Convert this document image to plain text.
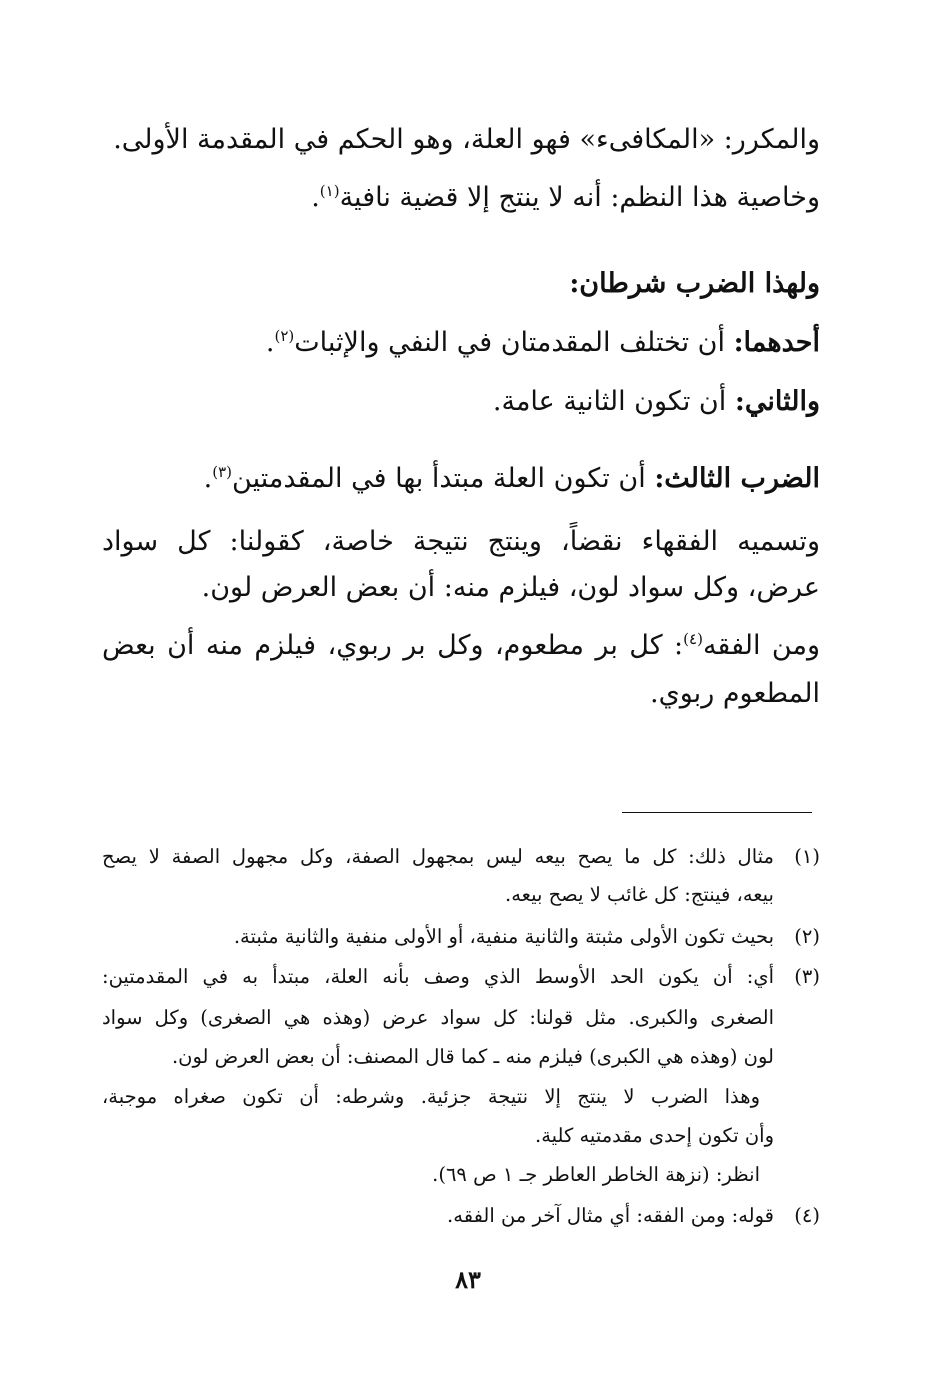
والمكرر: «المكافىء» فهو العلة، وهو الحكم في المقدمة الأولى.
وخاصية هذا النظم: أنه لا ينتج إلا قضية نافية$^{(١)}$.
ولهذا الضرب شرطان:
أحدهما: أن تختلف المقدمتان في النفي والإثبات$^{(٢)}$.
والثاني: أن تكون الثانية عامة.
الضرب الثالث: أن تكون العلة مبتدأ بها في المقدمتين$^{(٣)}$.
وتسميه الفقهاء نقضاً، وينتج نتيجة خاصة، كقولنا: كل سواد
عرض، وكل سواد لون، فيلزم منه: أن بعض العرض لون.
ومن الفقه$^{(٤)}$: كل بر مطعوم، وكل بر ربوي، فيلزم منه أن بعض
المطعوم ربوي.
(١)
مثال ذلك: كل ما يصح بيعه ليس بمجهول الصفة، وكل مجهول الصفة لا يصح
بيعه، فينتج: كل غائب لا يصح بيعه.
(٢)
بحيث تكون الأولى مثبتة والثانية منفية، أو الأولى منفية والثانية مثبتة.
(٣)
أي: أن يكون الحد الأوسط الذي وصف بأنه العلة، مبتدأ به في المقدمتين:
الصغرى والكبرى. مثل قولنا: كل سواد عرض (وهذه هي الصغرى) وكل سواد
لون (وهذه هي الكبرى) فيلزم منه ـ كما قال المصنف: أن بعض العرض لون.
وهذا الضرب لا ينتج إلا نتيجة جزئية. وشرطه: أن تكون صغراه موجبة،
وأن تكون إحدى مقدمتيه كلية.
انظر: (نزهة الخاطر العاطر جـ ١ ص ٦٩).
(٤)
قوله: ومن الفقه: أي مثال آخر من الفقه.
٨٣
